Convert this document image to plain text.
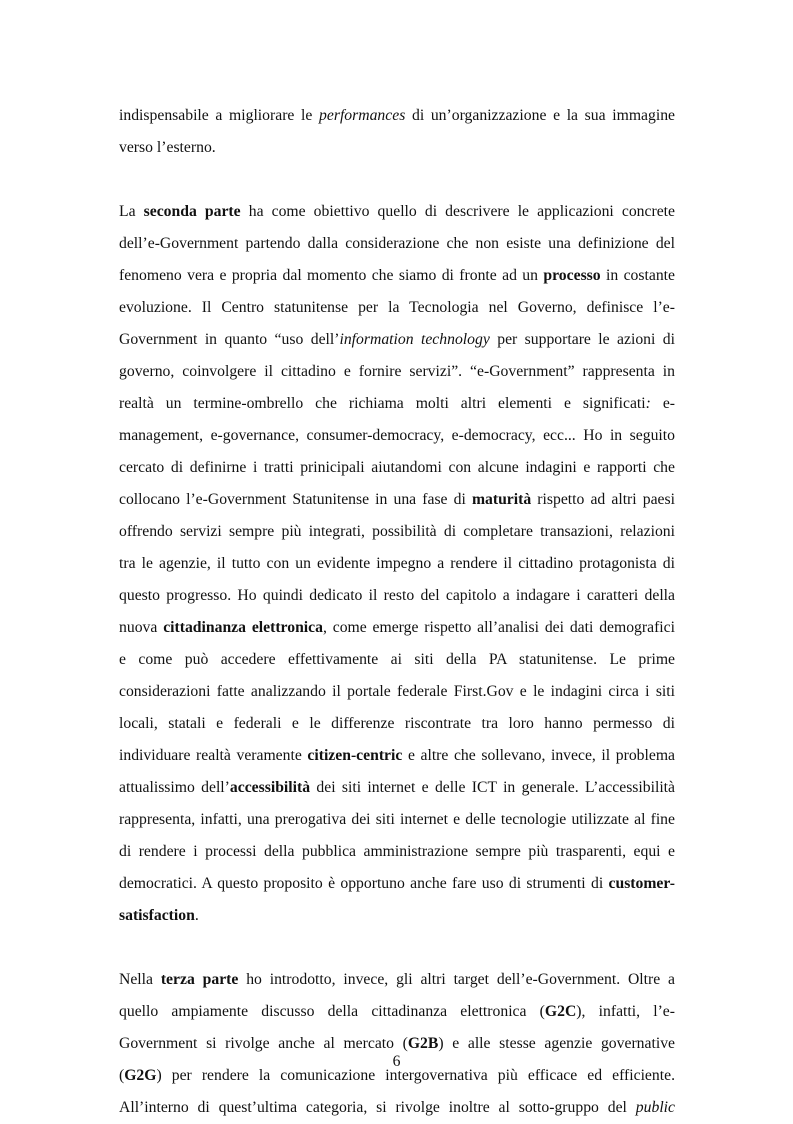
indispensabile a migliorare le performances di un’organizzazione e la sua immagine
verso l’esterno.
La seconda parte ha come obiettivo quello di descrivere le applicazioni concrete
dell’e-Government partendo dalla considerazione che non esiste una definizione del
fenomeno vera e propria dal momento che siamo di fronte ad un processo in costante
evoluzione. Il Centro statunitense per la Tecnologia nel Governo, definisce l’e-
Government in quanto “uso dell’information technology per supportare le azioni di
governo, coinvolgere il cittadino e fornire servizi”. “e-Government” rappresenta in
realtà un termine-ombrello che richiama molti altri elementi e significati: e-
management, e-governance, consumer-democracy, e-democracy, ecc... Ho in seguito
cercato di definirne i tratti prinicipali aiutandomi con alcune indagini e rapporti che
collocano l’e-Government Statunitense in una fase di maturità rispetto ad altri paesi
offrendo servizi sempre più integrati, possibilità di completare transazioni, relazioni
tra le agenzie, il tutto con un evidente impegno a rendere il cittadino protagonista di
questo progresso. Ho quindi dedicato il resto del capitolo a indagare i caratteri della
nuova cittadinanza elettronica, come emerge rispetto all’analisi dei dati demografici
e come può accedere effettivamente ai siti della PA statunitense. Le prime
considerazioni fatte analizzando il portale federale First.Gov e le indagini circa i siti
locali, statali e federali e le differenze riscontrate tra loro hanno permesso di
individuare realtà veramente citizen-centric e altre che sollevano, invece, il problema
attualissimo dell’accessibilità dei siti internet e delle ICT in generale. L’accessibilità
rappresenta, infatti, una prerogativa dei siti internet e delle tecnologie utilizzate al fine
di rendere i processi della pubblica amministrazione sempre più trasparenti, equi e
democratici. A questo proposito è opportuno anche fare uso di strumenti di customer-
satisfaction.
Nella terza parte ho introdotto, invece, gli altri target dell’e-Government. Oltre a
quello ampiamente discusso della cittadinanza elettronica (G2C), infatti, l’e-
Government si rivolge anche al mercato (G2B) e alle stesse agenzie governative
(G2G) per rendere la comunicazione intergovernativa più efficace ed efficiente.
All’interno di quest’ultima categoria, si rivolge inoltre al sotto-gruppo del public
6
